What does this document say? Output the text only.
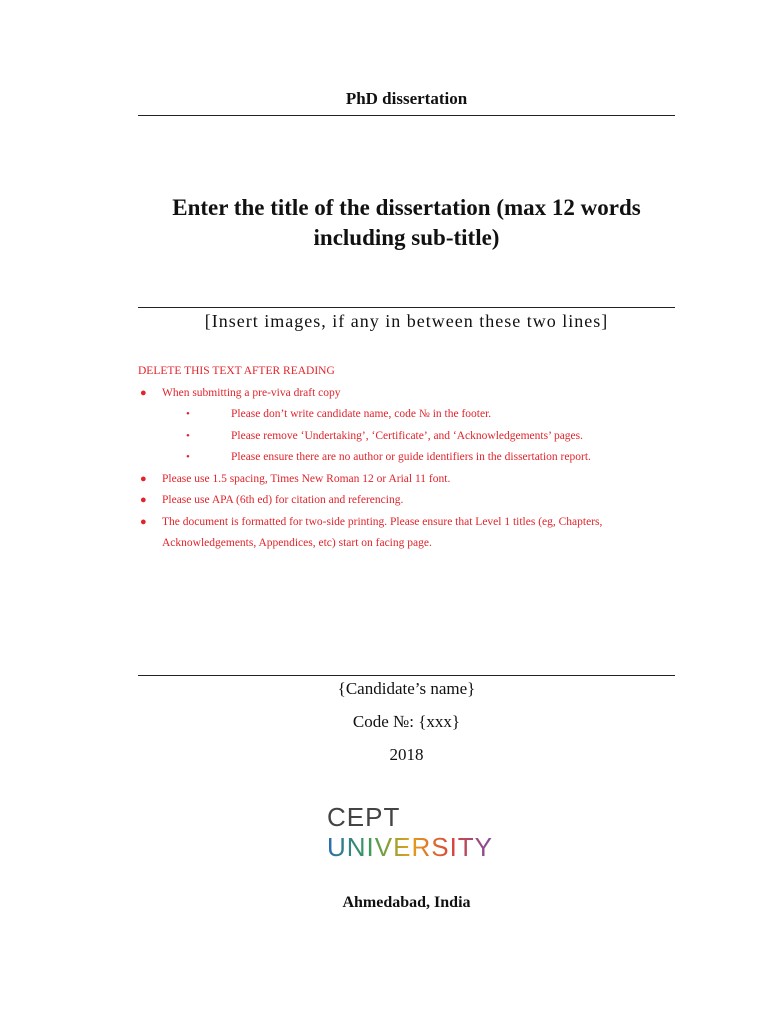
PhD dissertation
Enter the title of the dissertation (max 12 words
including sub-title)
[Insert images, if any in between these two lines]
DELETE THIS TEXT AFTER READING
● When submitting a pre-viva draft copy
•	Please don’t write candidate name, code № in the footer.
•	Please remove ‘Undertaking’, ‘Certificate’, and ‘Acknowledgements’ pages.
•	Please ensure there are no author or guide identifiers in the dissertation report.
● Please use 1.5 spacing, Times New Roman 12 or Arial 11 font.
● Please use APA (6th ed) for citation and referencing.
● The document is formatted for two-side printing. Please ensure that Level 1 titles (eg, Chapters,
Acknowledgements, Appendices, etc) start on facing page.
{Candidate’s name}
Code №: {xxx}
2018
CEPT
UNIVERSITY
Ahmedabad, India
